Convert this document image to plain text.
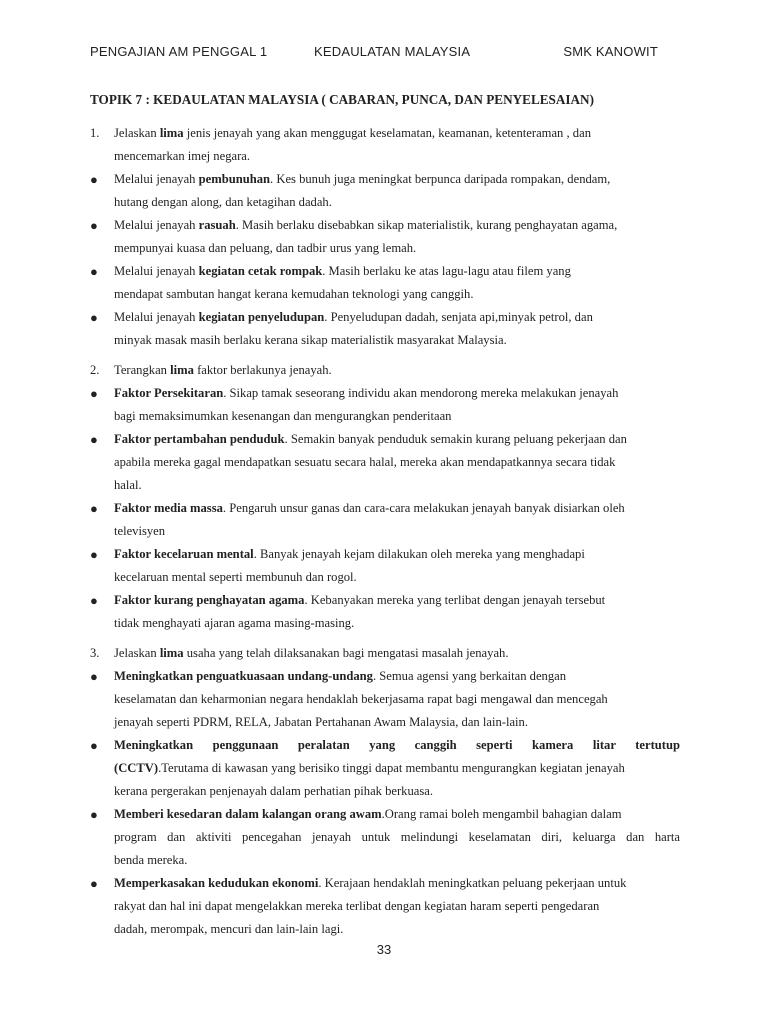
PENGAJIAN AM PENGGAL 1	KEDAULATAN MALAYSIA	SMK KANOWIT
TOPIK 7 : KEDAULATAN MALAYSIA ( CABARAN, PUNCA, DAN PENYELESAIAN)
1.	Jelaskan lima jenis jenayah yang akan menggugat keselamatan, keamanan, ketenteraman , dan
mencemarkan imej negara.
●	Melalui jenayah pembunuhan. Kes bunuh juga meningkat berpunca daripada rompakan, dendam,
hutang dengan along, dan ketagihan dadah.
●	Melalui jenayah rasuah. Masih berlaku disebabkan sikap materialistik, kurang penghayatan agama,
mempunyai kuasa dan peluang, dan tadbir urus yang lemah.
●	Melalui jenayah kegiatan cetak rompak. Masih berlaku ke atas lagu-lagu atau filem yang
mendapat sambutan hangat kerana kemudahan teknologi yang canggih.
●	Melalui jenayah kegiatan penyeludupan. Penyeludupan dadah, senjata api,minyak petrol, dan
minyak masak masih berlaku kerana sikap materialistik masyarakat Malaysia.
2.	Terangkan lima faktor berlakunya jenayah.
●	Faktor Persekitaran. Sikap tamak seseorang individu akan mendorong mereka melakukan jenayah
bagi memaksimumkan kesenangan dan mengurangkan penderitaan
●	Faktor pertambahan penduduk. Semakin banyak penduduk semakin kurang peluang pekerjaan dan
apabila mereka gagal mendapatkan sesuatu secara halal, mereka akan mendapatkannya secara tidak
halal.
●	Faktor media massa. Pengaruh unsur ganas dan cara-cara melakukan jenayah banyak disiarkan oleh
televisyen
●	Faktor kecelaruan mental. Banyak jenayah kejam dilakukan oleh mereka yang menghadapi
kecelaruan mental seperti membunuh dan rogol.
●	Faktor kurang penghayatan agama. Kebanyakan mereka yang terlibat dengan jenayah tersebut
tidak menghayati ajaran agama masing-masing.
3.	Jelaskan lima usaha yang telah dilaksanakan bagi mengatasi masalah jenayah.
●	Meningkatkan penguatkuasaan undang-undang. Semua agensi yang berkaitan dengan
keselamatan dan keharmonian negara hendaklah bekerjasama rapat bagi mengawal dan mencegah
jenayah seperti PDRM, RELA, Jabatan Pertahanan Awam Malaysia, dan lain-lain.
●	Meningkatkan penggunaan peralatan yang canggih seperti kamera litar tertutup
(CCTV).Terutama di kawasan yang berisiko tinggi dapat membantu mengurangkan kegiatan jenayah
kerana pergerakan penjenayah dalam perhatian pihak berkuasa.
●	Memberi kesedaran dalam kalangan orang awam.Orang ramai boleh mengambil bahagian dalam
program dan aktiviti pencegahan jenayah untuk melindungi keselamatan diri, keluarga dan harta
benda mereka.
●	Memperkasakan kedudukan ekonomi. Kerajaan hendaklah meningkatkan peluang pekerjaan untuk
rakyat dan hal ini dapat mengelakkan mereka terlibat dengan kegiatan haram seperti pengedaran
dadah, merompak, mencuri dan lain-lain lagi.
33
